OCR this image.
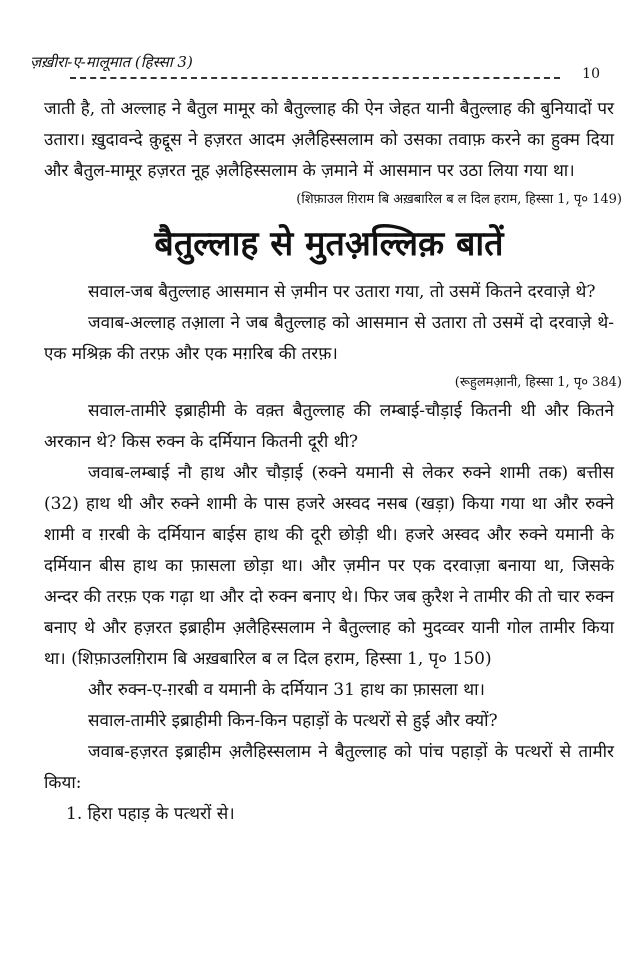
ज़ख़ीरा-ए-मालूमात (हिस्सा 3)
10

जाती है, तो अल्लाह ने बैतुल मामूर को बैतुल्लाह की ऐन जेहत यानी बैतुल्लाह की बुनियादों पर उतारा। ख़ुदावन्दे क़ुद्दूस ने हज़रत आदम अ़लैहिस्सलाम को उसका तवाफ़ करने का हुक्म दिया और बैतुल-मामूर हज़रत नूह अ़लैहिस्सलाम के ज़माने में आसमान पर उठा लिया गया था।

(शिफ़ाउल ग़िराम बि अख़बारिल ब ल दिल हराम, हिस्सा 1, पृ० 149)

बैतुल्लाह से मुतअ़ल्लिक़ बातें

सवाल-जब बैतुल्लाह आसमान से ज़मीन पर उतारा गया, तो उसमें कितने दरवाज़े थे?

जवाब-अल्लाह तआ़ला ने जब बैतुल्लाह को आसमान से उतारा तो उसमें दो दरवाज़े थे-एक मश्रिक़ की तरफ़ और एक मग़रिब की तरफ़।

(रूहुलमआ़नी, हिस्सा 1, पृ० 384)

सवाल-तामीरे इब्राहीमी के वक़्त बैतुल्लाह की लम्बाई-चौड़ाई कितनी थी और कितने अरकान थे? किस रुक्न के दर्मियान कितनी दूरी थी?

जवाब-लम्बाई नौ हाथ और चौड़ाई (रुक्ने यमानी से लेकर रुक्ने शामी तक) बत्तीस (32) हाथ थी और रुक्ने शामी के पास हजरे अस्वद नसब (खड़ा) किया गया था और रुक्ने शामी व ग़रबी के दर्मियान बाईस हाथ की दूरी छोड़ी थी। हजरे अस्वद और रुक्ने यमानी के दर्मियान बीस हाथ का फ़ासला छोड़ा था। और ज़मीन पर एक दरवाज़ा बनाया था, जिसके अन्दर की तरफ़ एक गढ़ा था और दो रुक्न बनाए थे। फिर जब क़ुरैश ने तामीर की तो चार रुक्न बनाए थे और हज़रत इब्राहीम अ़लैहिस्सलाम ने बैतुल्लाह को मुदव्वर यानी गोल तामीर किया था। (शिफ़ाउलग़िराम बि अख़बारिल ब ल दिल हराम, हिस्सा 1, पृ० 150)

और रुक्न-ए-ग़रबी व यमानी के दर्मियान 31 हाथ का फ़ासला था।

सवाल-तामीरे इब्राहीमी किन-किन पहाड़ों के पत्थरों से हुई और क्यों?

जवाब-हज़रत इब्राहीम अ़लैहिस्सलाम ने बैतुल्लाह को पांच पहाड़ों के पत्थरों से तामीर किया:

1. हिरा पहाड़ के पत्थरों से।
